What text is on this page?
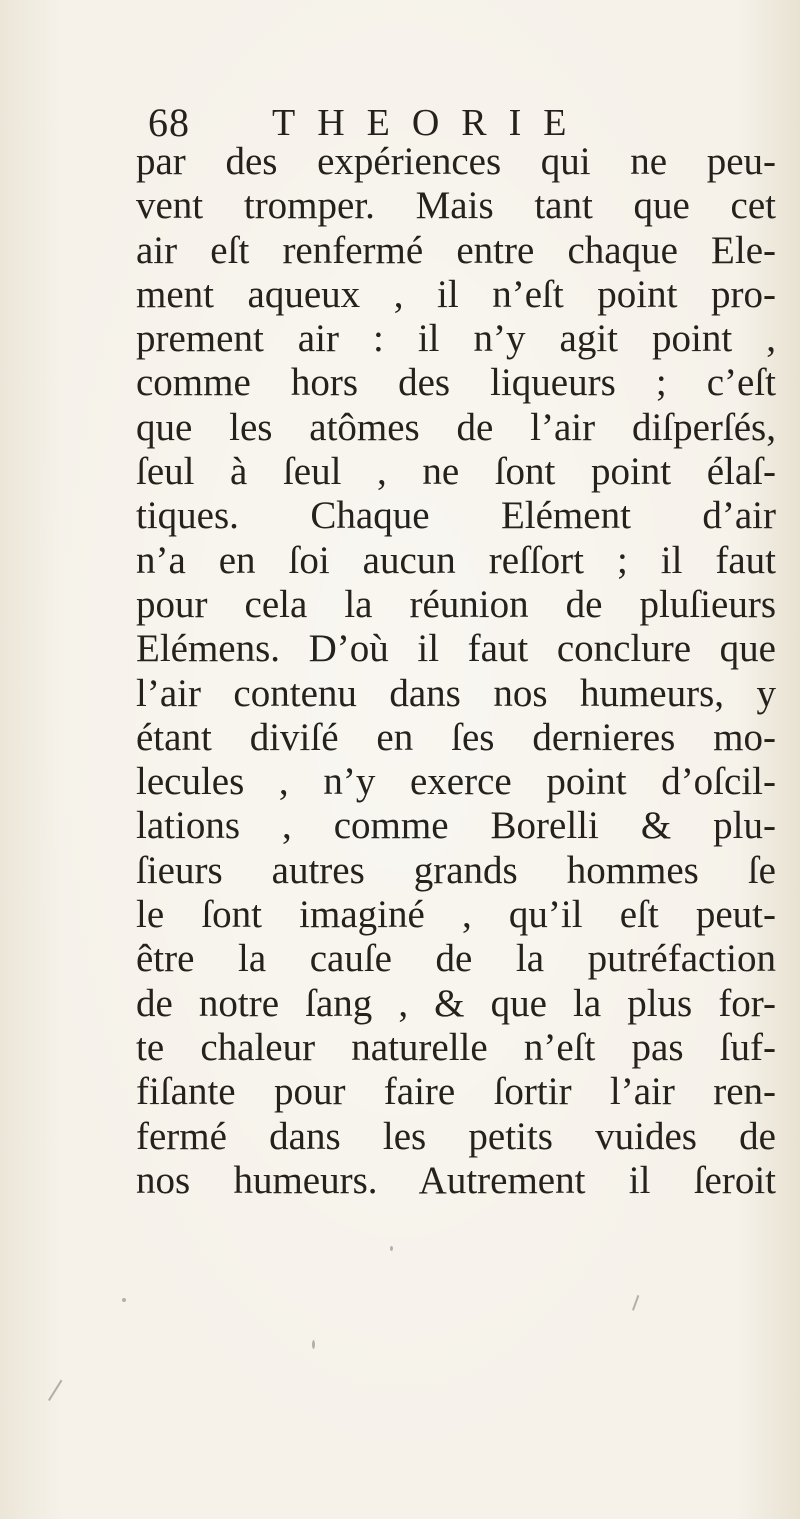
68 THEORIE
par des expériences qui ne peu-
vent tromper. Mais tant que cet
air eſt renfermé entre chaque Ele-
ment aqueux , il n’eſt point pro-
prement air : il n’y agit point ,
comme hors des liqueurs ; c’eſt
que les atômes de l’air diſperſés,
ſeul à ſeul , ne ſont point élaſ-
tiques. Chaque Elément d’air
n’a en ſoi aucun reſſort ; il faut
pour cela la réunion de pluſieurs
Elémens. D’où il faut conclure que
l’air contenu dans nos humeurs, y
étant diviſé en ſes dernieres mo-
lecules , n’y exerce point d’oſcil-
lations , comme Borelli & plu-
ſieurs autres grands hommes ſe
le ſont imaginé , qu’il eſt peut-
être la cauſe de la putréfaction
de notre ſang , & que la plus for-
te chaleur naturelle n’eſt pas ſuf-
fiſante pour faire ſortir l’air ren-
fermé dans les petits vuides de
nos humeurs. Autrement il ſeroit
